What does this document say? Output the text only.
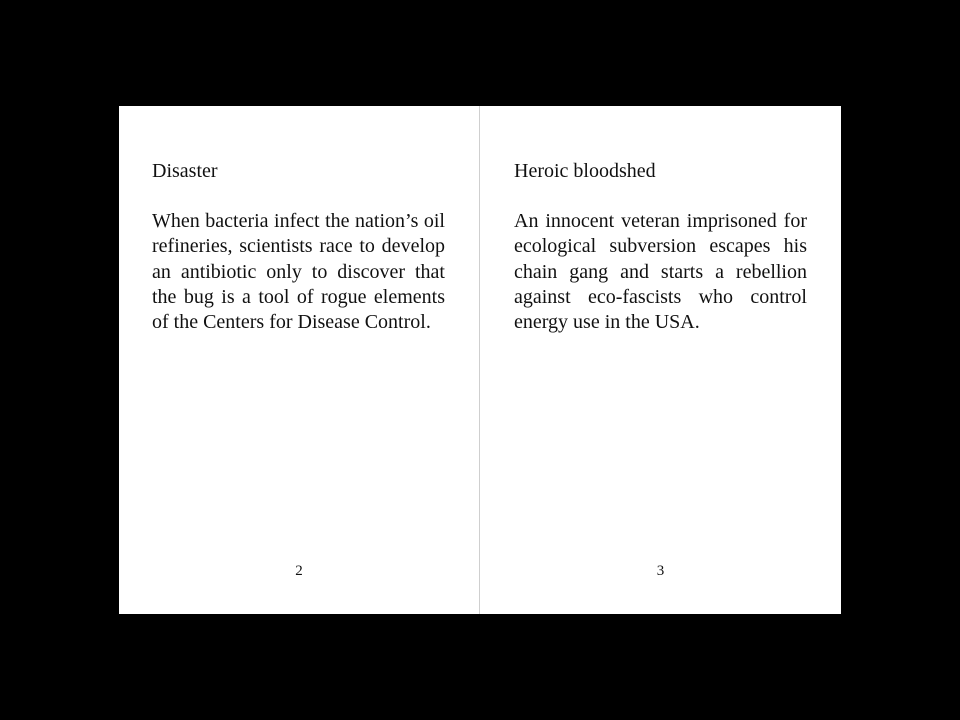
Disaster
When bacteria infect the nation’s oil refineries, scientists race to develop an antibiotic only to discover that the bug is a tool of rogue elements of the Centers for Disease Control.
2
Heroic bloodshed
An innocent veteran imprisoned for ecological subversion escapes his chain gang and starts a rebellion against eco-fascists who control energy use in the USA.
3
